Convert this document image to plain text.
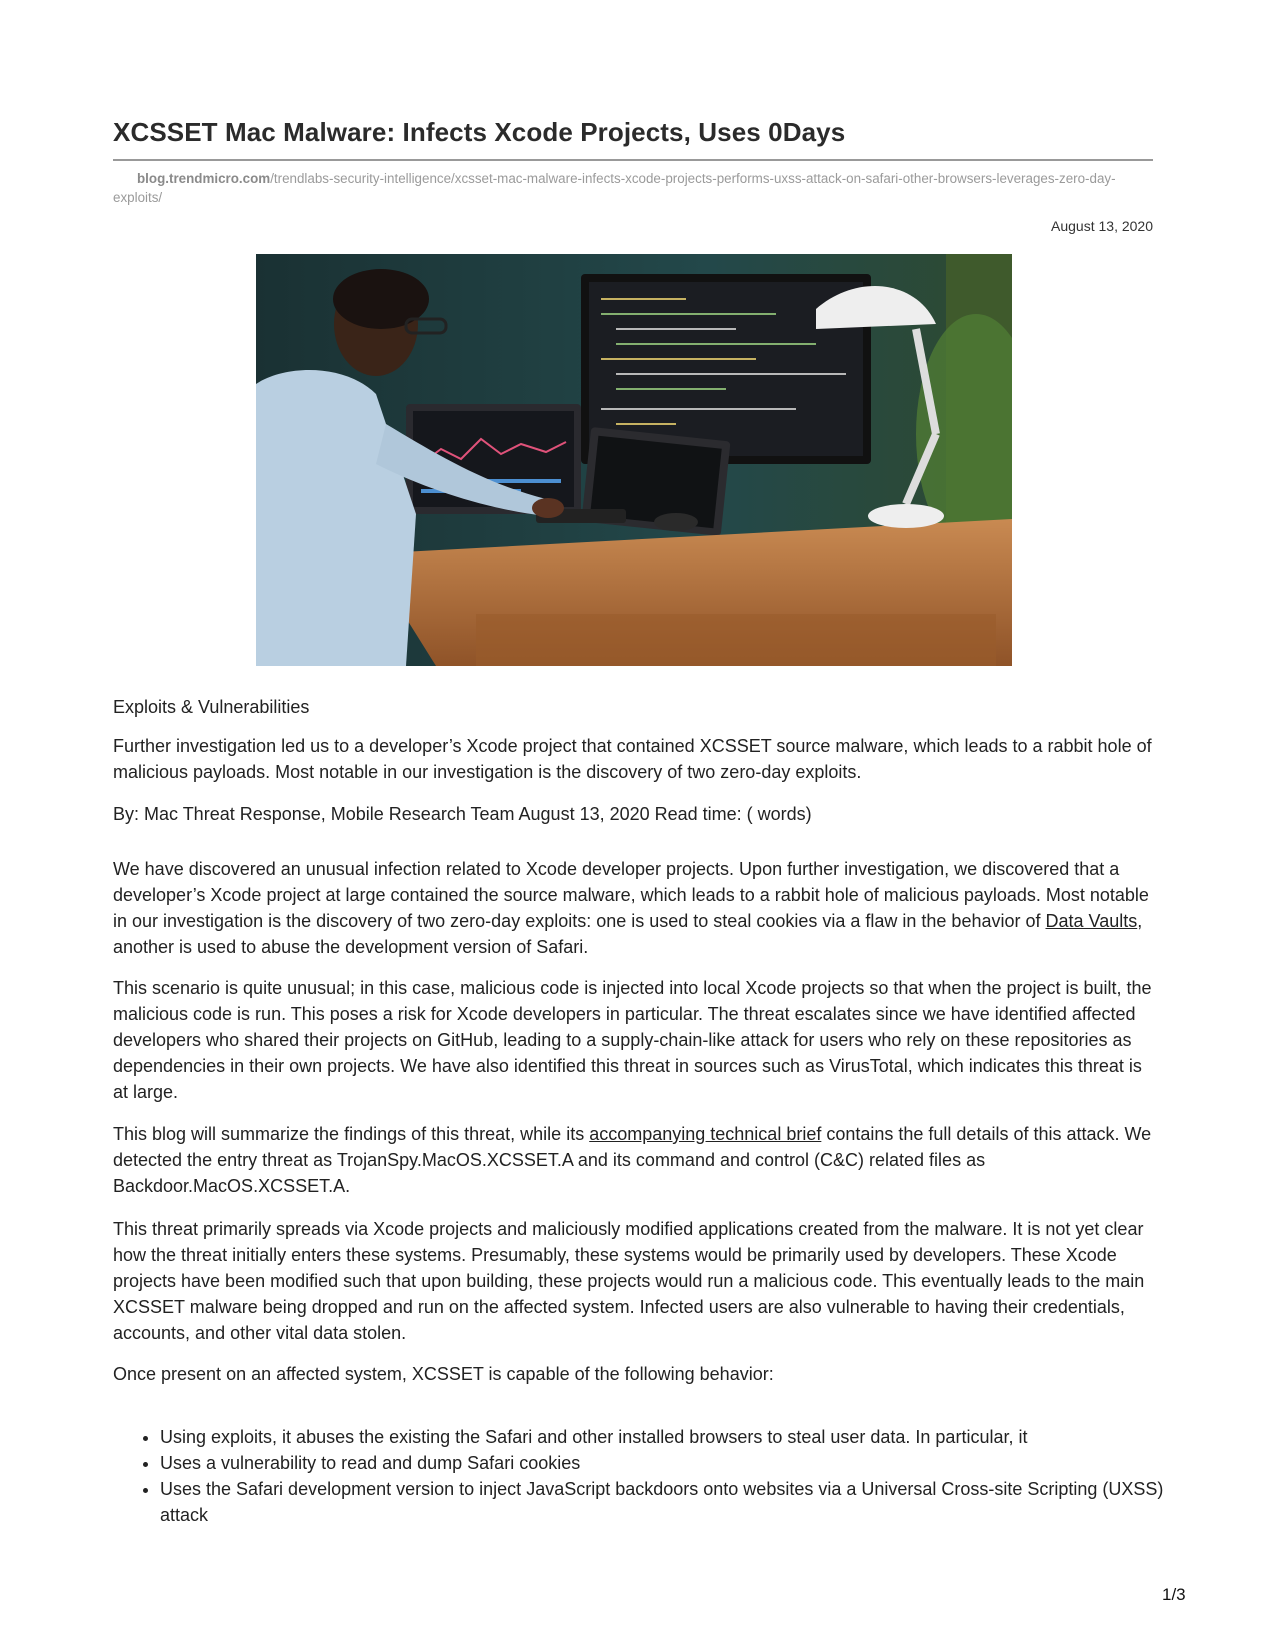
XCSSET Mac Malware: Infects Xcode Projects, Uses 0Days
blog.trendmicro.com/trendlabs-security-intelligence/xcsset-mac-malware-infects-xcode-projects-performs-uxss-attack-on-safari-other-browsers-leverages-zero-day-exploits/
August 13, 2020
Exploits & Vulnerabilities

Further investigation led us to a developer’s Xcode project that contained XCSSET source malware, which leads to a rabbit hole of malicious payloads. Most notable in our investigation is the discovery of two zero-day exploits.

By: Mac Threat Response, Mobile Research Team August 13, 2020 Read time: ( words)

We have discovered an unusual infection related to Xcode developer projects. Upon further investigation, we discovered that a developer’s Xcode project at large contained the source malware, which leads to a rabbit hole of malicious payloads. Most notable in our investigation is the discovery of two zero-day exploits: one is used to steal cookies via a flaw in the behavior of Data Vaults, another is used to abuse the development version of Safari.

This scenario is quite unusual; in this case, malicious code is injected into local Xcode projects so that when the project is built, the malicious code is run. This poses a risk for Xcode developers in particular. The threat escalates since we have identified affected developers who shared their projects on GitHub, leading to a supply-chain-like attack for users who rely on these repositories as dependencies in their own projects. We have also identified this threat in sources such as VirusTotal, which indicates this threat is at large.

This blog will summarize the findings of this threat, while its accompanying technical brief contains the full details of this attack. We detected the entry threat as TrojanSpy.MacOS.XCSSET.A and its command and control (C&C) related files as Backdoor.MacOS.XCSSET.A.

This threat primarily spreads via Xcode projects and maliciously modified applications created from the malware. It is not yet clear how the threat initially enters these systems. Presumably, these systems would be primarily used by developers. These Xcode projects have been modified such that upon building, these projects would run a malicious code. This eventually leads to the main XCSSET malware being dropped and run on the affected system. Infected users are also vulnerable to having their credentials, accounts, and other vital data stolen.

Once present on an affected system, XCSSET is capable of the following behavior:

• Using exploits, it abuses the existing the Safari and other installed browsers to steal user data. In particular, it
• Uses a vulnerability to read and dump Safari cookies
• Uses the Safari development version to inject JavaScript backdoors onto websites via a Universal Cross-site Scripting (UXSS) attack
1/3
